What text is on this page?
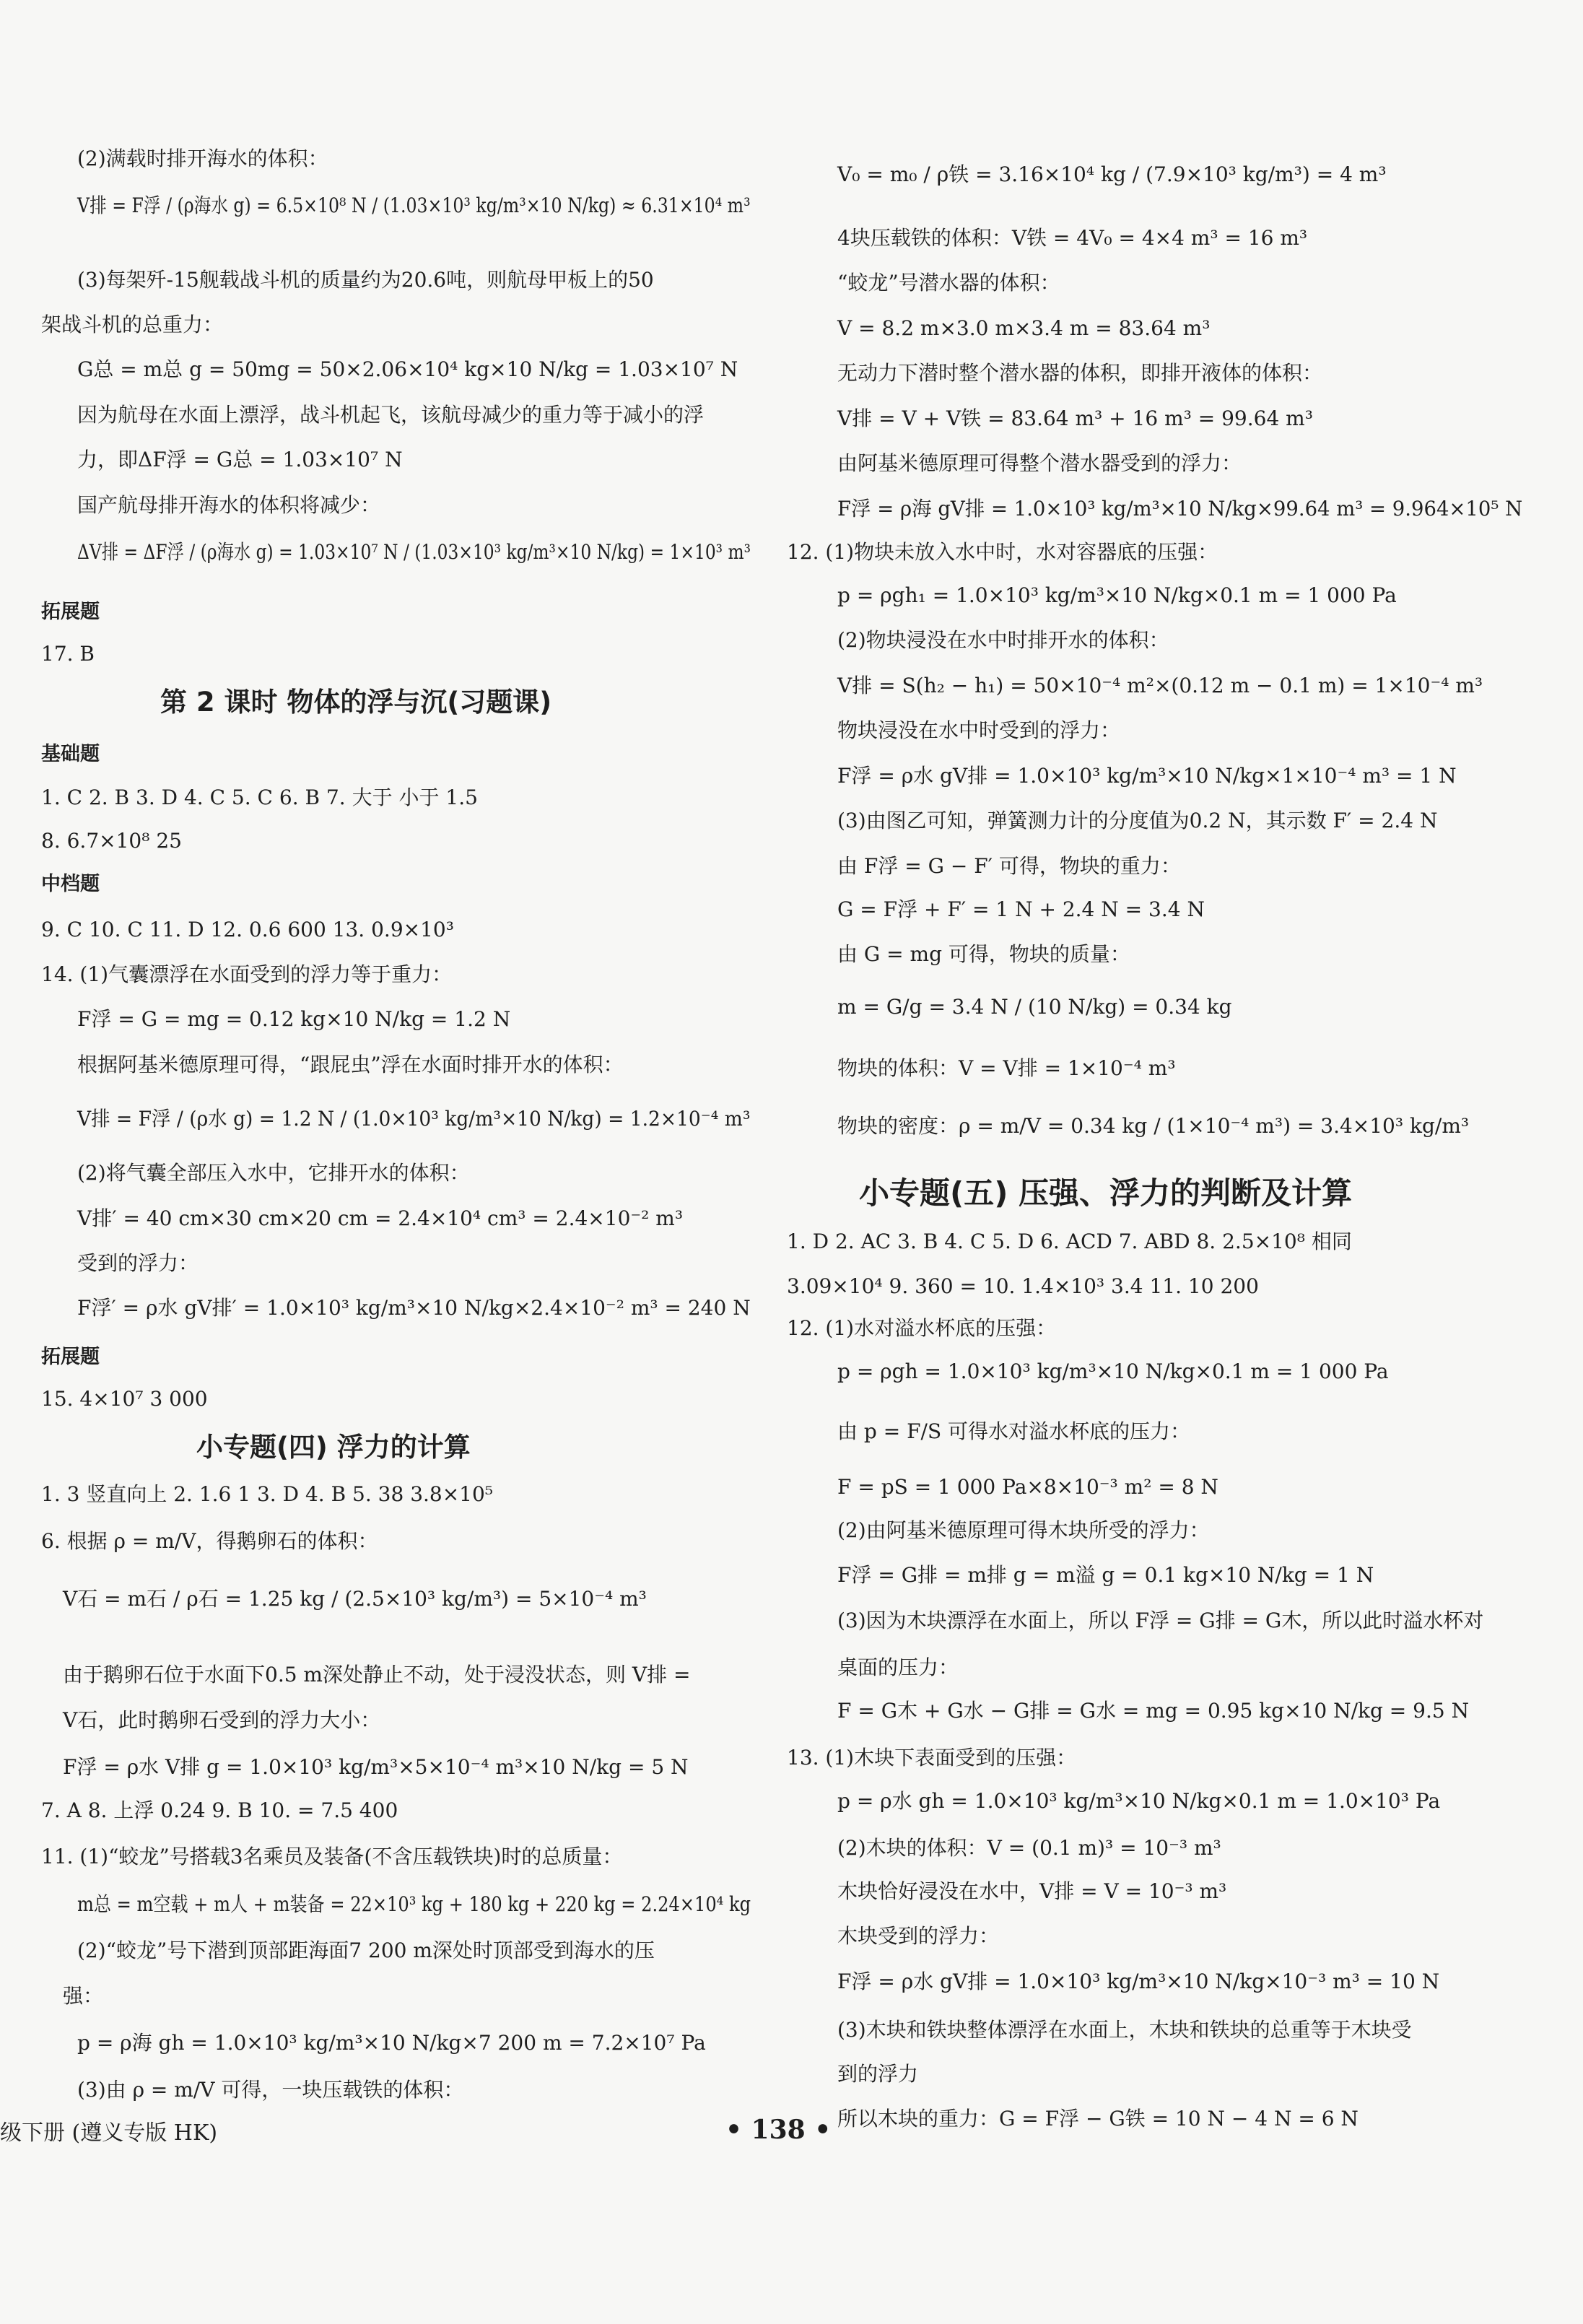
(2)满载时排开海水的体积：
V排 = F浮 / (ρ海水 g) = 6.5×10⁸ N / (1.03×10³ kg/m³×10 N/kg) ≈ 6.31×10⁴ m³
(3)每架歼-15舰载战斗机的质量约为20.6吨，则航母甲板上的50
架战斗机的总重力：
G总 = m总 g = 50mg = 50×2.06×10⁴ kg×10 N/kg = 1.03×10⁷ N
因为航母在水面上漂浮，战斗机起飞，该航母减少的重力等于减小的浮
力，即ΔF浮 = G总 = 1.03×10⁷ N
国产航母排开海水的体积将减少：
ΔV排 = ΔF浮 / (ρ海水 g) = 1.03×10⁷ N / (1.03×10³ kg/m³×10 N/kg) = 1×10³ m³
拓展题
17. B
第 2 课时 物体的浮与沉(习题课)
基础题
1. C 2. B 3. D 4. C 5. C 6. B 7. 大于 小于 1.5
8. 6.7×10⁸ 25
中档题
9. C 10. C 11. D 12. 0.6 600 13. 0.9×10³
14. (1)气囊漂浮在水面受到的浮力等于重力：
F浮 = G = mg = 0.12 kg×10 N/kg = 1.2 N
根据阿基米德原理可得，“跟屁虫”浮在水面时排开水的体积：
V排 = F浮 / (ρ水 g) = 1.2 N / (1.0×10³ kg/m³×10 N/kg) = 1.2×10⁻⁴ m³
(2)将气囊全部压入水中，它排开水的体积：
V排′ = 40 cm×30 cm×20 cm = 2.4×10⁴ cm³ = 2.4×10⁻² m³
受到的浮力：
F浮′ = ρ水 gV排′ = 1.0×10³ kg/m³×10 N/kg×2.4×10⁻² m³ = 240 N
拓展题
15. 4×10⁷ 3 000
小专题(四) 浮力的计算
1. 3 竖直向上 2. 1.6 1 3. D 4. B 5. 38 3.8×10⁵
6. 根据 ρ = m/V，得鹅卵石的体积：
V石 = m石 / ρ石 = 1.25 kg / (2.5×10³ kg/m³) = 5×10⁻⁴ m³
由于鹅卵石位于水面下0.5 m深处静止不动，处于浸没状态，则 V排 =
V石，此时鹅卵石受到的浮力大小：
F浮 = ρ水 V排 g = 1.0×10³ kg/m³×5×10⁻⁴ m³×10 N/kg = 5 N
7. A 8. 上浮 0.24 9. B 10. = 7.5 400
11. (1)“蛟龙”号搭载3名乘员及装备(不含压载铁块)时的总质量：
m总 = m空载 + m人 + m装备 = 22×10³ kg + 180 kg + 220 kg = 2.24×10⁴ kg
(2)“蛟龙”号下潜到顶部距海面7 200 m深处时顶部受到海水的压
强：
p = ρ海 gh = 1.0×10³ kg/m³×10 N/kg×7 200 m = 7.2×10⁷ Pa
(3)由 ρ = m/V 可得，一块压载铁的体积：
V₀ = m₀ / ρ铁 = 3.16×10⁴ kg / (7.9×10³ kg/m³) = 4 m³
4块压载铁的体积：V铁 = 4V₀ = 4×4 m³ = 16 m³
“蛟龙”号潜水器的体积：
V = 8.2 m×3.0 m×3.4 m = 83.64 m³
无动力下潜时整个潜水器的体积，即排开液体的体积：
V排 = V + V铁 = 83.64 m³ + 16 m³ = 99.64 m³
由阿基米德原理可得整个潜水器受到的浮力：
F浮 = ρ海 gV排 = 1.0×10³ kg/m³×10 N/kg×99.64 m³ = 9.964×10⁵ N
12. (1)物块未放入水中时，水对容器底的压强：
p = ρgh₁ = 1.0×10³ kg/m³×10 N/kg×0.1 m = 1 000 Pa
(2)物块浸没在水中时排开水的体积：
V排 = S(h₂ − h₁) = 50×10⁻⁴ m²×(0.12 m − 0.1 m) = 1×10⁻⁴ m³
物块浸没在水中时受到的浮力：
F浮 = ρ水 gV排 = 1.0×10³ kg/m³×10 N/kg×1×10⁻⁴ m³ = 1 N
(3)由图乙可知，弹簧测力计的分度值为0.2 N，其示数 F′ = 2.4 N
由 F浮 = G − F′ 可得，物块的重力：
G = F浮 + F′ = 1 N + 2.4 N = 3.4 N
由 G = mg 可得，物块的质量：
m = G/g = 3.4 N / (10 N/kg) = 0.34 kg
物块的体积：V = V排 = 1×10⁻⁴ m³
物块的密度：ρ = m/V = 0.34 kg / (1×10⁻⁴ m³) = 3.4×10³ kg/m³
小专题(五) 压强、浮力的判断及计算
1. D 2. AC 3. B 4. C 5. D 6. ACD 7. ABD 8. 2.5×10⁸ 相同
3.09×10⁴ 9. 360 = 10. 1.4×10³ 3.4 11. 10 200
12. (1)水对溢水杯底的压强：
p = ρgh = 1.0×10³ kg/m³×10 N/kg×0.1 m = 1 000 Pa
由 p = F/S 可得水对溢水杯底的压力：
F = pS = 1 000 Pa×8×10⁻³ m² = 8 N
(2)由阿基米德原理可得木块所受的浮力：
F浮 = G排 = m排 g = m溢 g = 0.1 kg×10 N/kg = 1 N
(3)因为木块漂浮在水面上，所以 F浮 = G排 = G木，所以此时溢水杯对
桌面的压力：
F = G木 + G水 − G排 = G水 = mg = 0.95 kg×10 N/kg = 9.5 N
13. (1)木块下表面受到的压强：
p = ρ水 gh = 1.0×10³ kg/m³×10 N/kg×0.1 m = 1.0×10³ Pa
(2)木块的体积：V = (0.1 m)³ = 10⁻³ m³
木块恰好浸没在水中，V排 = V = 10⁻³ m³
木块受到的浮力：
F浮 = ρ水 gV排 = 1.0×10³ kg/m³×10 N/kg×10⁻³ m³ = 10 N
(3)木块和铁块整体漂浮在水面上，木块和铁块的总重等于木块受
到的浮力
所以木块的重力：G = F浮 − G铁 = 10 N − 4 N = 6 N
级下册 (遵义专版 HK)	• 138 •
